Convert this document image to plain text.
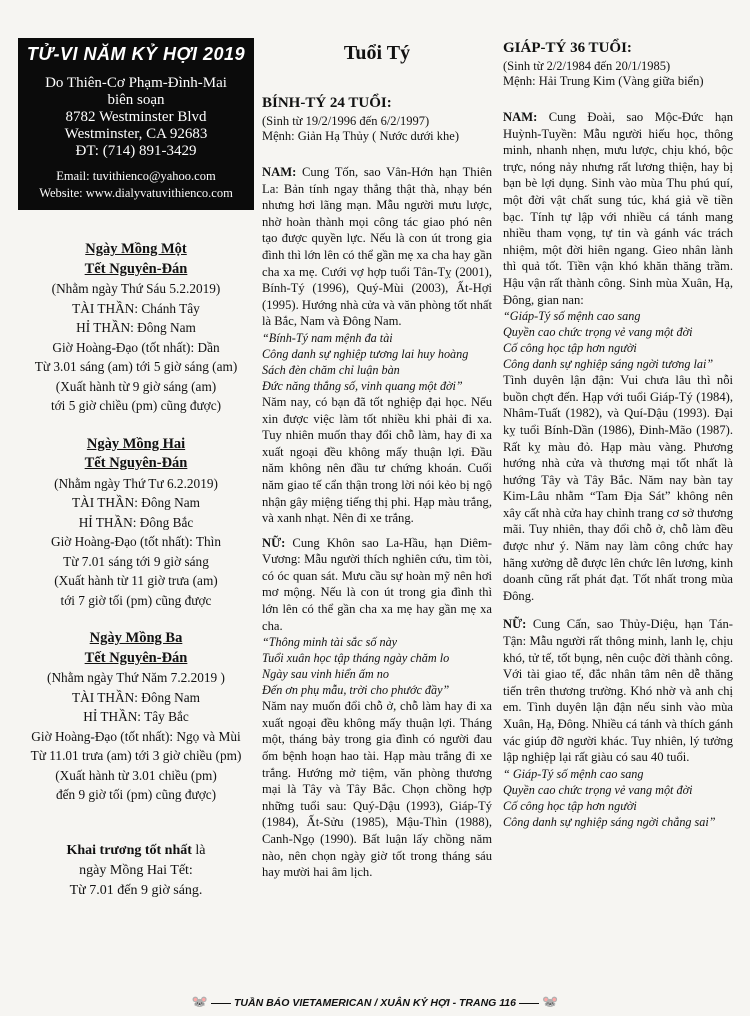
TỬ-VI NĂM KỶ HỢI 2019
Do Thiên-Cơ Phạm-Đình-Mai
biên soạn
8782 Westminster Blvd
Westminster, CA 92683
ĐT: (714) 891-3429
Email: tuvithienco@yahoo.com
Website: www.dialyvatuvithienco.com
Ngày Mồng Một
Tết Nguyên-Đán
(Nhằm ngày Thứ Sáu 5.2.2019)
TÀI THẦN: Chánh Tây
HỈ THẦN: Đông Nam
Giờ Hoàng-Đạo (tốt nhất): Dần
Từ 3.01 sáng (am) tới 5 giờ sáng (am)
(Xuất hành từ 9 giờ sáng (am)
tới 5 giờ chiều (pm) cũng được)
Ngày Mồng Hai
Tết Nguyên-Đán
(Nhằm ngày Thứ Tư 6.2.2019)
TÀI THẦN: Đông Nam
HỈ THẦN: Đông Bắc
Giờ Hoàng-Đạo (tốt nhất): Thìn
Từ 7.01 sáng tới 9 giờ sáng
(Xuất hành từ 11 giờ trưa (am)
tới 7 giờ tối (pm) cũng được
Ngày Mồng Ba
Tết Nguyên-Đán
(Nhằm ngày Thứ Năm 7.2.2019 )
TÀI THẦN: Đông Nam
HỈ THẦN: Tây Bắc
Giờ Hoàng-Đạo (tốt nhất): Ngọ và Mùi
Từ 11.01 trưa (am) tới 3 giờ chiều (pm)
(Xuất hành từ 3.01 chiều (pm)
đến 9 giờ tối (pm) cũng được)
Khai trương tốt nhất là
ngày Mồng Hai Tết:
Từ 7.01 đến 9 giờ sáng.
Tuổi Tý
BÍNH-TÝ 24 TUỔI:
(Sinh từ 19/2/1996 đến 6/2/1997)
Mệnh: Giản Hạ Thủy ( Nước dưới khe)

NAM: Cung Tốn, sao Vân-Hớn hạn Thiên La: Bản tính ngay thẳng thật thà, nhạy bén nhưng hơi lãng mạn. Mẫu người mưu lược, nhờ hoàn thành mọi công tác giao phó nên tạo được quyền lực. Nếu là con út trong gia đình thì lớn lên có thể gần mẹ xa cha hay gần cha xa mẹ. Cưới vợ hợp tuổi Tân-Tỵ (2001), Bính-Tý (1996), Quý-Mùi (2003), Ất-Hợi (1995). Hướng nhà cửa và văn phòng tốt nhất là Bắc, Nam và Đông Nam.

“Bính-Tý nam mệnh đa tài
Công danh sự nghiệp tương lai huy hoàng
Sách đèn chăm chỉ luận bàn
Đức năng thắng số, vinh quang một đời”

Năm nay, có bạn đã tốt nghiệp đại học. Nếu xin được việc làm tốt nhiều khi phải đi xa. Tuy nhiên muốn thay đổi chỗ làm, hay đi xa xuất ngoại đều không mấy thuận lợi. Đầu năm không nên đầu tư chứng khoán. Cuối năm giao tế cẩn thận trong lời nói kẻo bị ngộ nhận gây miệng tiếng thị phi. Hạp màu trắng, và xanh nhạt. Nên đi xe trắng.

NỮ: Cung Khôn sao La-Hầu, hạn Diêm-Vương: Mẫu người thích nghiên cứu, tìm tòi, có óc quan sát. Mưu cầu sự hoàn mỹ nên hơi mơ mộng. Nếu là con út trong gia đình thì lớn lên có thể gần cha xa mẹ hay gần mẹ xa cha.

“Thông minh tài sắc số này
Tuổi xuân học tập tháng ngày chăm lo
Ngày sau vinh hiển ấm no
Đến ơn phụ mẫu, trời cho phước đầy”

Năm nay muốn đổi chỗ ở, chỗ làm hay đi xa xuất ngoại đều không mấy thuận lợi. Tháng một, tháng bảy trong gia đình có người đau ốm bệnh hoạn hao tài. Hạp màu trắng đi xe trắng. Hướng mở tiệm, văn phòng thương mại là Tây và Tây Bắc. Chọn chồng hợp những tuổi sau: Quý-Dậu (1993), Giáp-Tý (1984), Ất-Sửu (1985), Mậu-Thìn (1988), Canh-Ngọ (1990). Bất luận lấy chồng năm nào, nên chọn ngày giờ tốt trong tháng sáu hay mười hai âm lịch.

GIÁP-TÝ 36 TUỔI:
(Sinh từ 2/2/1984 đến 20/1/1985)
Mệnh: Hải Trung Kim (Vàng giữa biển)

NAM: Cung Đoài, sao Mộc-Đức hạn Huỳnh-Tuyền: Mẫu người hiếu học, thông minh, nhanh nhẹn, mưu lược, chịu khó, bộc trực, nóng nảy nhưng rất lương thiện, hay bị bạn bè lợi dụng. Sinh vào mùa Thu phú quí, một đời vật chất sung túc, khá giả về tiền bạc. Tính tự lập với nhiều cá tánh mang nhiều tham vọng, tự tin và gánh vác trách nhiệm, một đời hiên ngang. Gieo nhân lành thì quả tốt. Tiền vận khó khăn thăng trầm. Hậu vận rất thành công. Sinh mùa Xuân, Hạ, Đông, gian nan:

“Giáp-Tý số mệnh cao sang
Quyền cao chức trọng vẻ vang một đời
Cố công học tập hơn người
Công danh sự nghiệp sáng ngời tương lai”

Tình duyên lận đận: Vui chưa lâu thì nỗi buồn chợt đến. Hạp với tuổi Giáp-Tý (1984), Nhâm-Tuất (1982), và Quí-Dậu (1993). Đại kỵ tuổi Bính-Dần (1986), Đinh-Mão (1987). Rất kỵ màu đỏ. Hạp màu vàng. Phương hướng nhà cửa và thương mại tốt nhất là hướng Tây và Tây Bắc. Năm nay bàn tay Kim-Lâu nhằm “Tam Địa Sát” không nên xây cất nhà cửa hay chỉnh trang cơ sở thương mãi. Tuy nhiên, thay đổi chỗ ở, chỗ làm đều được như ý. Năm nay làm công chức hay hãng xưởng dễ được lên chức lên lương, kinh doanh cũng rất phát đạt. Tốt nhất trong mùa Đông.

NỮ: Cung Cấn, sao Thủy-Diệu, hạn Tán-Tận: Mẫu người rất thông minh, lanh lẹ, chịu khó, tử tế, tốt bụng, nên cuộc đời thành công. Với tài giao tế, đắc nhân tâm nên dễ thăng tiến trên thương trường. Khó nhờ và anh chị em. Tình duyên lận đận nếu sinh vào mùa Xuân, Hạ, Đông. Nhiều cá tánh và thích gánh vác giúp đỡ người khác. Tuy nhiên, lý tưởng lập nghiệp lại rất giàu có sau 40 tuổi.

“ Giáp-Tý số mệnh cao sang
Quyền cao chức trọng vẻ vang một đời
Cố công học tập hơn người
Công danh sự nghiệp sáng ngời chẳng sai”
🐭 TUẦN BÁO VIETAMERICAN / XUÂN KỶ HỢI - TRANG 116 🐭
